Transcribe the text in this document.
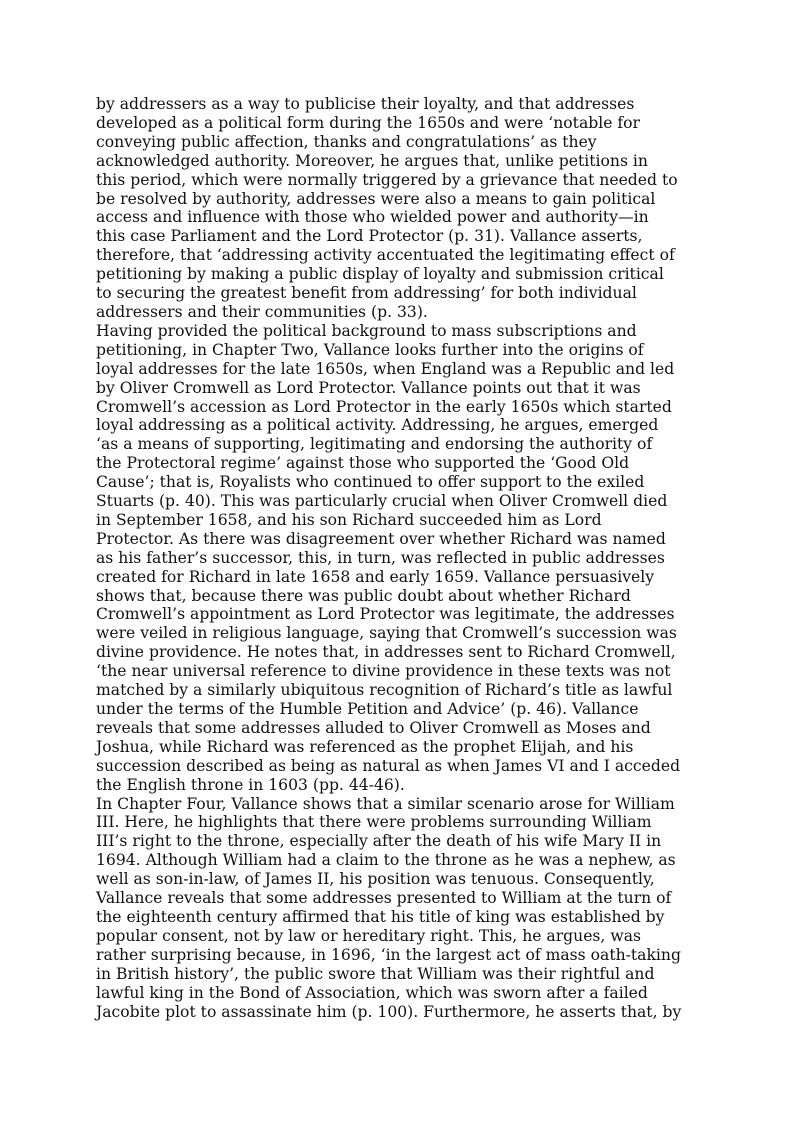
by addressers as a way to publicise their loyalty, and that addresses
developed as a political form during the 1650s and were ‘notable for
conveying public affection, thanks and congratulations’ as they
acknowledged authority. Moreover, he argues that, unlike petitions in
this period, which were normally triggered by a grievance that needed to
be resolved by authority, addresses were also a means to gain political
access and influence with those who wielded power and authority—in
this case Parliament and the Lord Protector (p. 31). Vallance asserts,
therefore, that ‘addressing activity accentuated the legitimating effect of
petitioning by making a public display of loyalty and submission critical
to securing the greatest benefit from addressing’ for both individual
addressers and their communities (p. 33).

Having provided the political background to mass subscriptions and
petitioning, in Chapter Two, Vallance looks further into the origins of
loyal addresses for the late 1650s, when England was a Republic and led
by Oliver Cromwell as Lord Protector. Vallance points out that it was
Cromwell’s accession as Lord Protector in the early 1650s which started
loyal addressing as a political activity. Addressing, he argues, emerged
‘as a means of supporting, legitimating and endorsing the authority of
the Protectoral regime’ against those who supported the ‘Good Old
Cause’; that is, Royalists who continued to offer support to the exiled
Stuarts (p. 40). This was particularly crucial when Oliver Cromwell died
in September 1658, and his son Richard succeeded him as Lord
Protector. As there was disagreement over whether Richard was named
as his father’s successor, this, in turn, was reflected in public addresses
created for Richard in late 1658 and early 1659. Vallance persuasively
shows that, because there was public doubt about whether Richard
Cromwell’s appointment as Lord Protector was legitimate, the addresses
were veiled in religious language, saying that Cromwell’s succession was
divine providence. He notes that, in addresses sent to Richard Cromwell,
‘the near universal reference to divine providence in these texts was not
matched by a similarly ubiquitous recognition of Richard’s title as lawful
under the terms of the Humble Petition and Advice’ (p. 46). Vallance
reveals that some addresses alluded to Oliver Cromwell as Moses and
Joshua, while Richard was referenced as the prophet Elijah, and his
succession described as being as natural as when James VI and I acceded
the English throne in 1603 (pp. 44-46).

In Chapter Four, Vallance shows that a similar scenario arose for William
III. Here, he highlights that there were problems surrounding William
III’s right to the throne, especially after the death of his wife Mary II in
1694. Although William had a claim to the throne as he was a nephew, as
well as son-in-law, of James II, his position was tenuous. Consequently,
Vallance reveals that some addresses presented to William at the turn of
the eighteenth century affirmed that his title of king was established by
popular consent, not by law or hereditary right. This, he argues, was
rather surprising because, in 1696, ‘in the largest act of mass oath-taking
in British history’, the public swore that William was their rightful and
lawful king in the Bond of Association, which was sworn after a failed
Jacobite plot to assassinate him (p. 100). Furthermore, he asserts that, by
